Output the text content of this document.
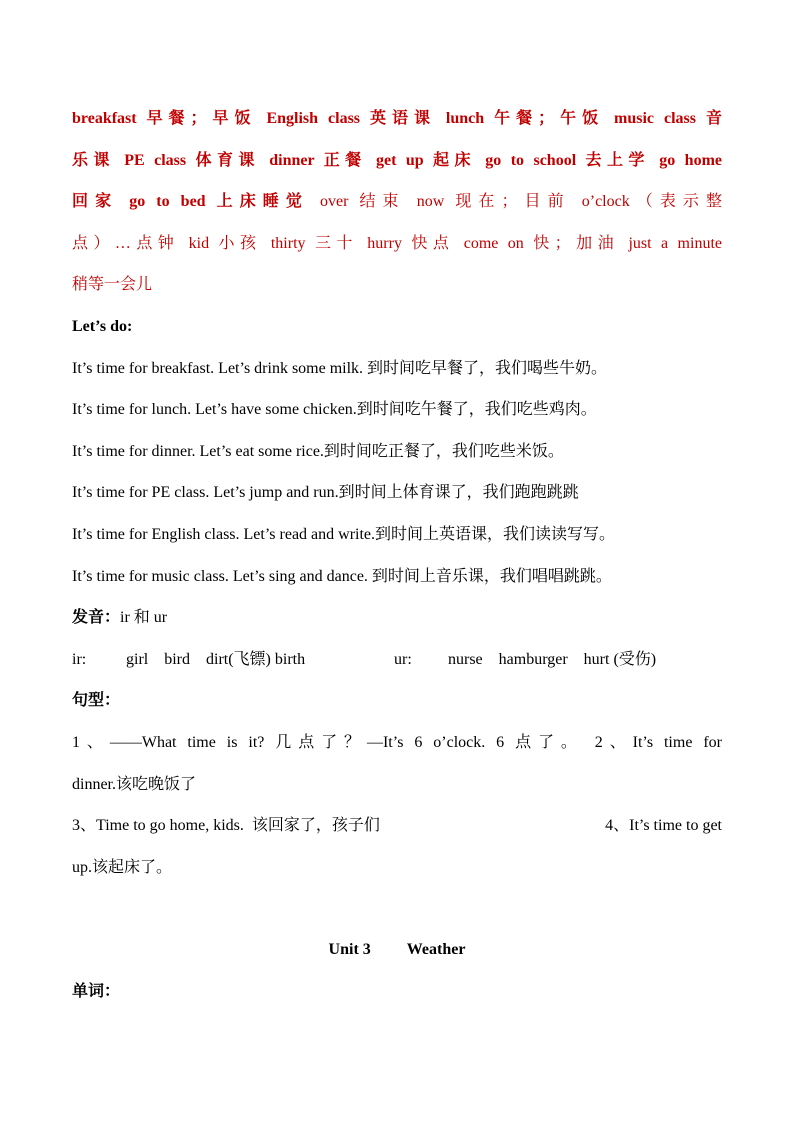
breakfast 早餐；早饭 English class 英语课 lunch 午餐；午饭 music class 音

乐课 PE class 体育课 dinner 正餐 get up 起床 go to school 去上学 go home

回家 go to bed 上床睡觉 over 结束 now 现在；目前 o’clock（表示整

点）…点钟 kid 小孩 thirty 三十 hurry 快点 come on 快；加油 just a minute

稍等一会儿

Let’s do:

It’s time for breakfast. Let’s drink some milk. 到时间吃早餐了，我们喝些牛奶。

It’s time for lunch. Let’s have some chicken.到时间吃午餐了，我们吃些鸡肉。

It’s time for dinner. Let’s eat some rice.到时间吃正餐了，我们吃些米饭。

It’s time for PE class. Let’s jump and run.到时间上体育课了，我们跑跑跳跳

It’s time for English class. Let’s read and write.到时间上英语课，我们读读写写。

It’s time for music class. Let’s sing and dance. 到时间上音乐课，我们唱唱跳跳。

发音：ir 和 ur

ir:	girl    bird    dirt(飞镖) birth	ur:	nurse    hamburger    hurt (受伤)

句型：

1、——What time is it? 几点了？—It’s 6 o’clock. 6 点了。 2、It’s time for

dinner.该吃晚饭了

3、Time to go home, kids.  该回家了，孩子们	4、It’s time to get

up.该起床了。

Unit 3 Weather

单词：
